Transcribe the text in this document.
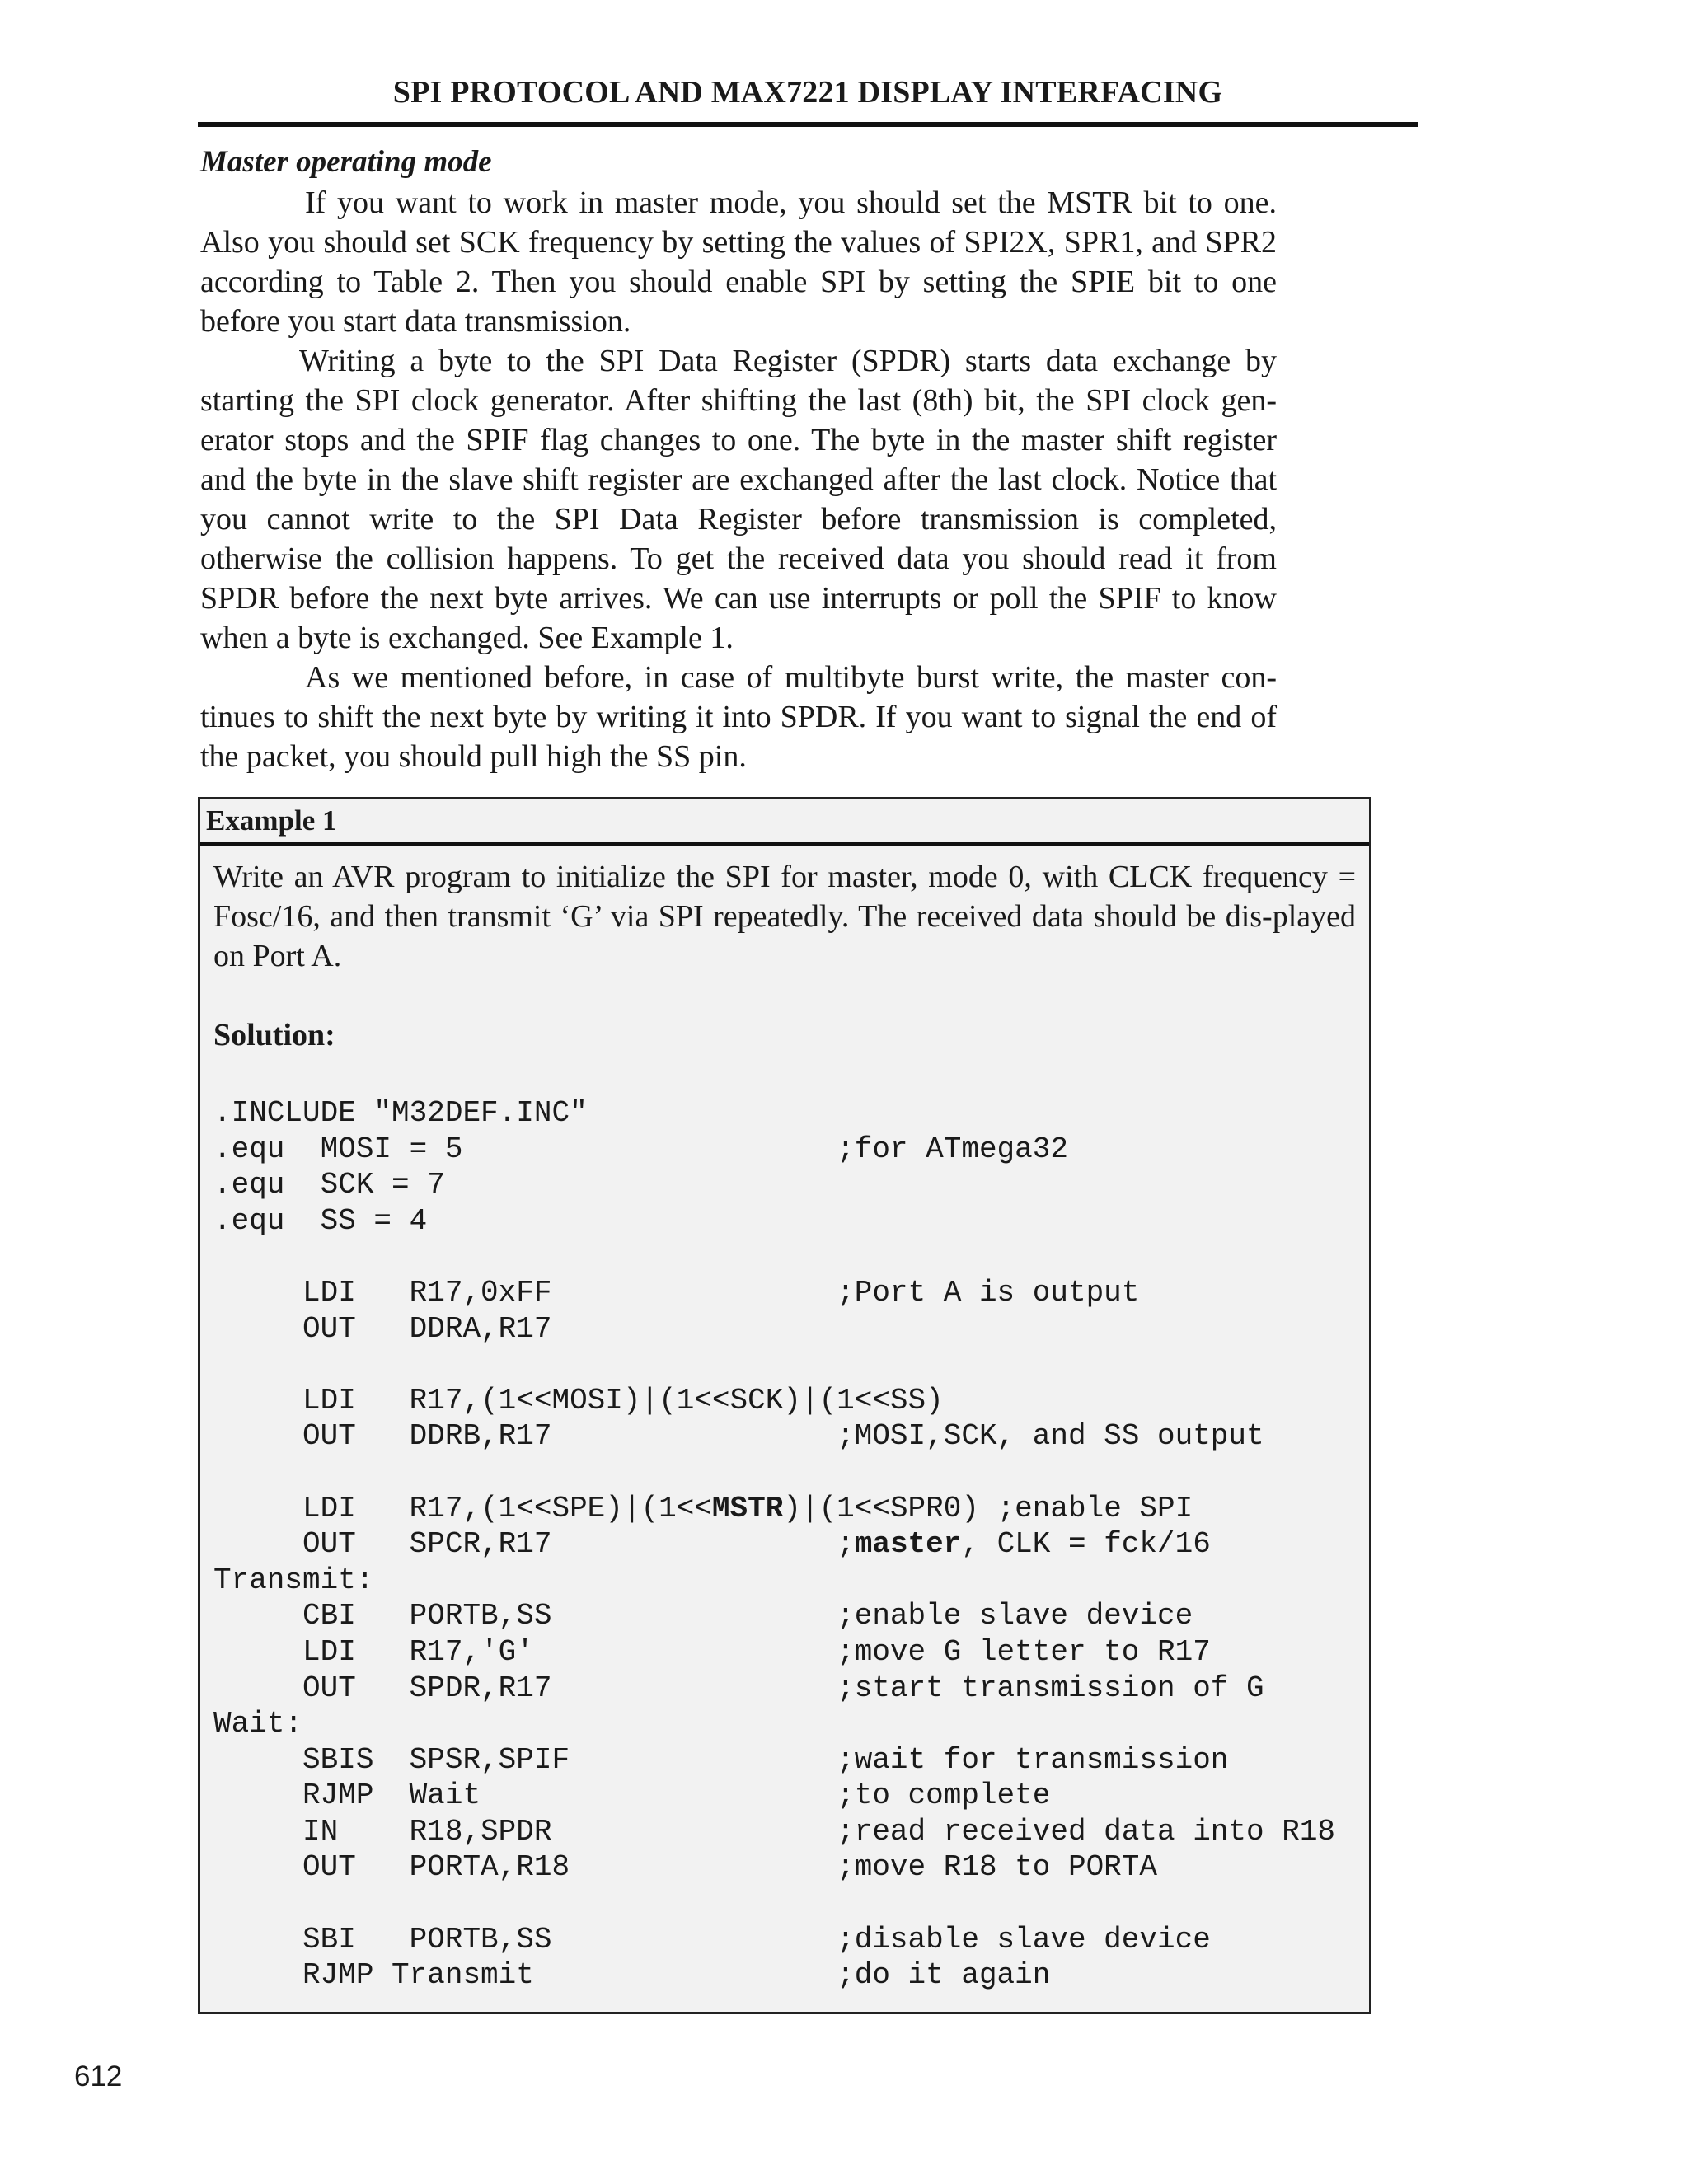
SPI PROTOCOL AND MAX7221 DISPLAY INTERFACING
Master operating mode

If you want to work in master mode, you should set the MSTR bit to one. Also you should set SCK frequency by setting the values of SPI2X, SPR1, and SPR2 according to Table 2. Then you should enable SPI by setting the SPIE bit to one before you start data transmission.

Writing a byte to the SPI Data Register (SPDR) starts data exchange by starting the SPI clock generator. After shifting the last (8th) bit, the SPI clock gen-erator stops and the SPIF flag changes to one. The byte in the master shift register and the byte in the slave shift register are exchanged after the last clock. Notice that you cannot write to the SPI Data Register before transmission is completed, otherwise the collision happens. To get the received data you should read it from SPDR before the next byte arrives. We can use interrupts or poll the SPIF to know when a byte is exchanged. See Example 1.

As we mentioned before, in case of multibyte burst write, the master con-tinues to shift the next byte by writing it into SPDR. If you want to signal the end of the packet, you should pull high the SS pin.

Example 1

Write an AVR program to initialize the SPI for master, mode 0, with CLCK frequency = Fosc/16, and then transmit ‘G’ via SPI repeatedly. The received data should be dis-played on Port A.

Solution:
.INCLUDE "M32DEF.INC"
.equ  MOSI = 5                     ;for ATmega32
.equ  SCK = 7
.equ  SS = 4

LDI   R17,0xFF                ;Port A is output
OUT   DDRA,R17

LDI   R17,(1<<MOSI)|(1<<SCK)|(1<<SS)
OUT   DDRB,R17                ;MOSI,SCK, and SS output

LDI   R17,(1<<SPE)|(1<<MSTR)|(1<<SPR0) ;enable SPI
OUT   SPCR,R17                ;master, CLK = fck/16
Transmit:
CBI   PORTB,SS                ;enable slave device
LDI   R17,'G'                 ;move G letter to R17
OUT   SPDR,R17                ;start transmission of G
Wait:
SBIS  SPSR,SPIF               ;wait for transmission
RJMP  Wait                    ;to complete
IN    R18,SPDR                ;read received data into R18
OUT   PORTA,R18               ;move R18 to PORTA

SBI   PORTB,SS                ;disable slave device
RJMP Transmit                 ;do it again
612
